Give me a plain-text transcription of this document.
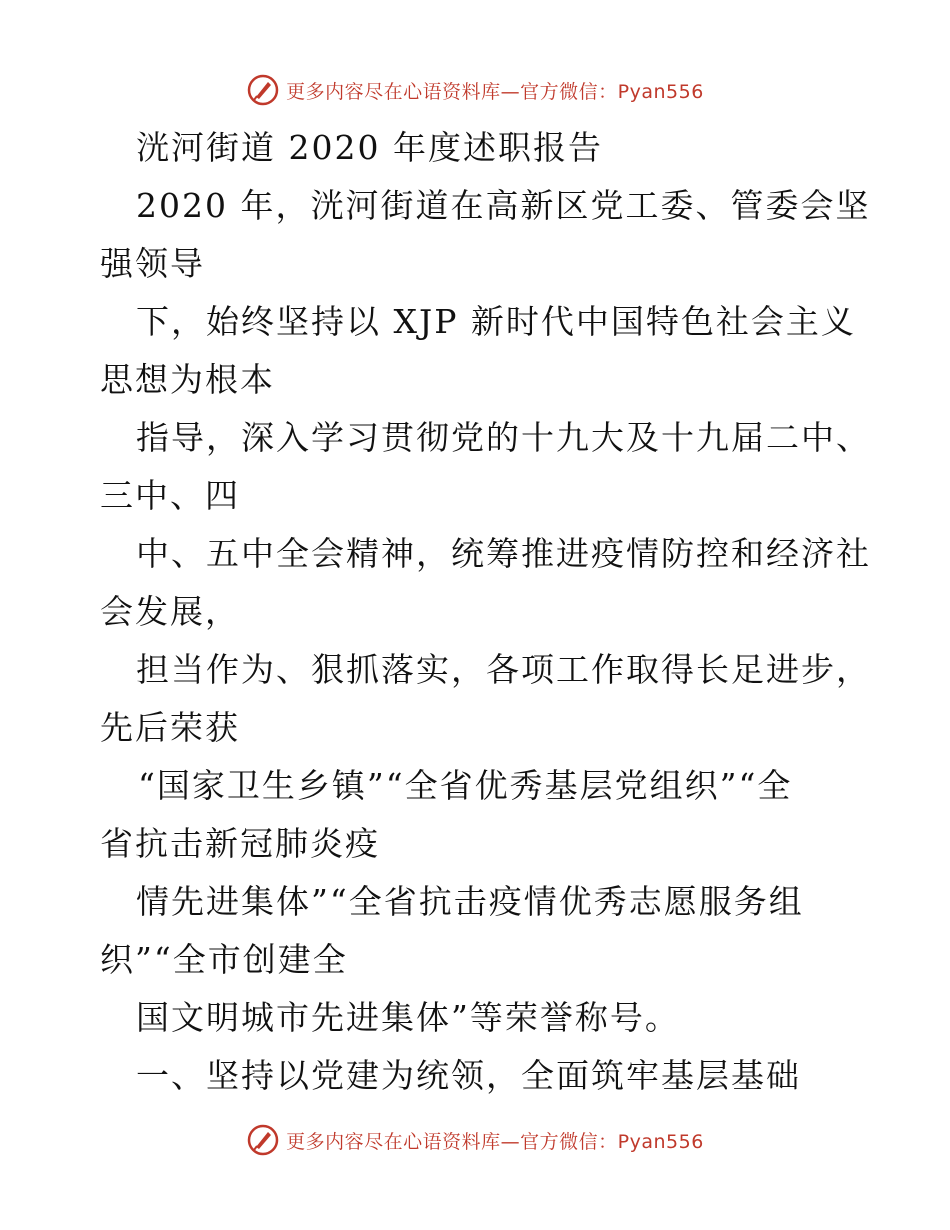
更多内容尽在心语资料库—官方微信：Pyan556
洸河街道 2020 年度述职报告
2020 年，洸河街道在高新区党工委、管委会坚
强领导
下，始终坚持以 XJP 新时代中国特色社会主义
思想为根本
指导，深入学习贯彻党的十九大及十九届二中、
三中、四
中、五中全会精神，统筹推进疫情防控和经济社
会发展，
担当作为、狠抓落实，各项工作取得长足进步，
先后荣获
“国家卫生乡镇”“全省优秀基层党组织”“全
省抗击新冠肺炎疫
情先进集体”“全省抗击疫情优秀志愿服务组
织”“全市创建全
国文明城市先进集体”等荣誉称号。
一、坚持以党建为统领，全面筑牢基层基础
更多内容尽在心语资料库—官方微信：Pyan556
